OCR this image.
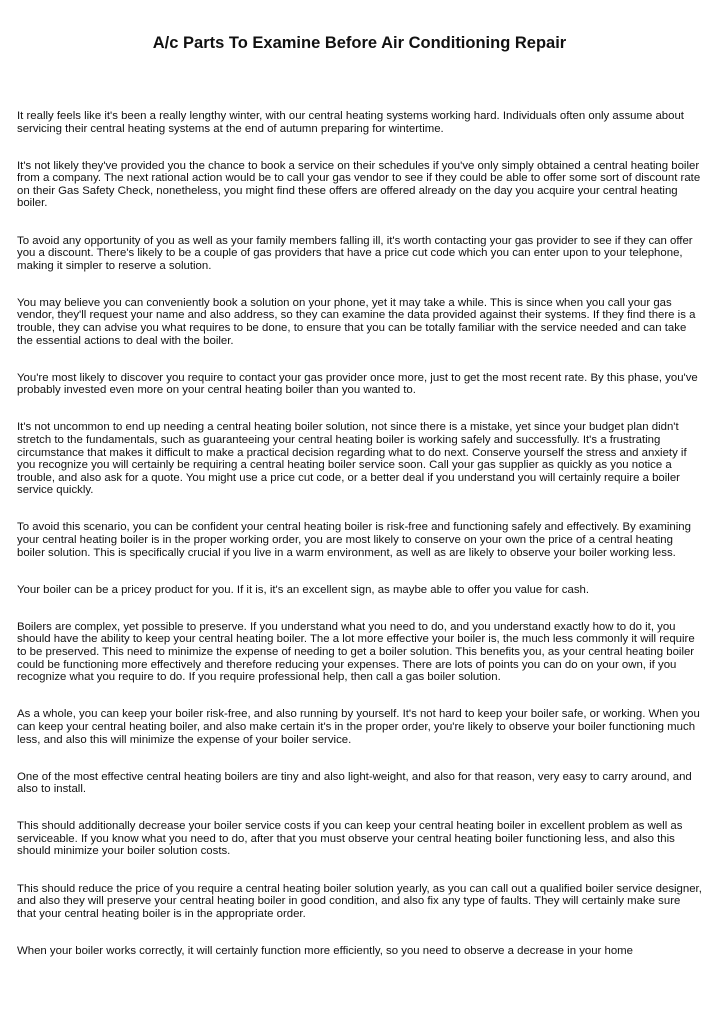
A/c Parts To Examine Before Air Conditioning Repair

It really feels like it's been a really lengthy winter, with our central heating systems working hard. Individuals often only assume about servicing their central heating systems at the end of autumn preparing for wintertime.

It's not likely they've provided you the chance to book a service on their schedules if you've only simply obtained a central heating boiler from a company. The next rational action would be to call your gas vendor to see if they could be able to offer some sort of discount rate on their Gas Safety Check, nonetheless, you might find these offers are offered already on the day you acquire your central heating boiler.

To avoid any opportunity of you as well as your family members falling ill, it's worth contacting your gas provider to see if they can offer you a discount. There's likely to be a couple of gas providers that have a price cut code which you can enter upon to your telephone, making it simpler to reserve a solution.

You may believe you can conveniently book a solution on your phone, yet it may take a while. This is since when you call your gas vendor, they'll request your name and also address, so they can examine the data provided against their systems. If they find there is a trouble, they can advise you what requires to be done, to ensure that you can be totally familiar with the service needed and can take the essential actions to deal with the boiler.

You're most likely to discover you require to contact your gas provider once more, just to get the most recent rate. By this phase, you've probably invested even more on your central heating boiler than you wanted to.

It's not uncommon to end up needing a central heating boiler solution, not since there is a mistake, yet since your budget plan didn't stretch to the fundamentals, such as guaranteeing your central heating boiler is working safely and successfully. It's a frustrating circumstance that makes it difficult to make a practical decision regarding what to do next. Conserve yourself the stress and anxiety if you recognize you will certainly be requiring a central heating boiler service soon. Call your gas supplier as quickly as you notice a trouble, and also ask for a quote. You might use a price cut code, or a better deal if you understand you will certainly require a boiler service quickly.

To avoid this scenario, you can be confident your central heating boiler is risk-free and functioning safely and effectively. By examining your central heating boiler is in the proper working order, you are most likely to conserve on your own the price of a central heating boiler solution. This is specifically crucial if you live in a warm environment, as well as are likely to observe your boiler working less.

Your boiler can be a pricey product for you. If it is, it's an excellent sign, as maybe able to offer you value for cash.

Boilers are complex, yet possible to preserve. If you understand what you need to do, and you understand exactly how to do it, you should have the ability to keep your central heating boiler. The a lot more effective your boiler is, the much less commonly it will require to be preserved. This need to minimize the expense of needing to get a boiler solution. This benefits you, as your central heating boiler could be functioning more effectively and therefore reducing your expenses. There are lots of points you can do on your own, if you recognize what you require to do. If you require professional help, then call a gas boiler solution.

As a whole, you can keep your boiler risk-free, and also running by yourself. It's not hard to keep your boiler safe, or working. When you can keep your central heating boiler, and also make certain it's in the proper order, you're likely to observe your boiler functioning much less, and also this will minimize the expense of your boiler service.

One of the most effective central heating boilers are tiny and also light-weight, and also for that reason, very easy to carry around, and also to install.

This should additionally decrease your boiler service costs if you can keep your central heating boiler in excellent problem as well as serviceable. If you know what you need to do, after that you must observe your central heating boiler functioning less, and also this should minimize your boiler solution costs.

This should reduce the price of you require a central heating boiler solution yearly, as you can call out a qualified boiler service designer, and also they will preserve your central heating boiler in good condition, and also fix any type of faults. They will certainly make sure that your central heating boiler is in the appropriate order.

When your boiler works correctly, it will certainly function more efficiently, so you need to observe a decrease in your home
